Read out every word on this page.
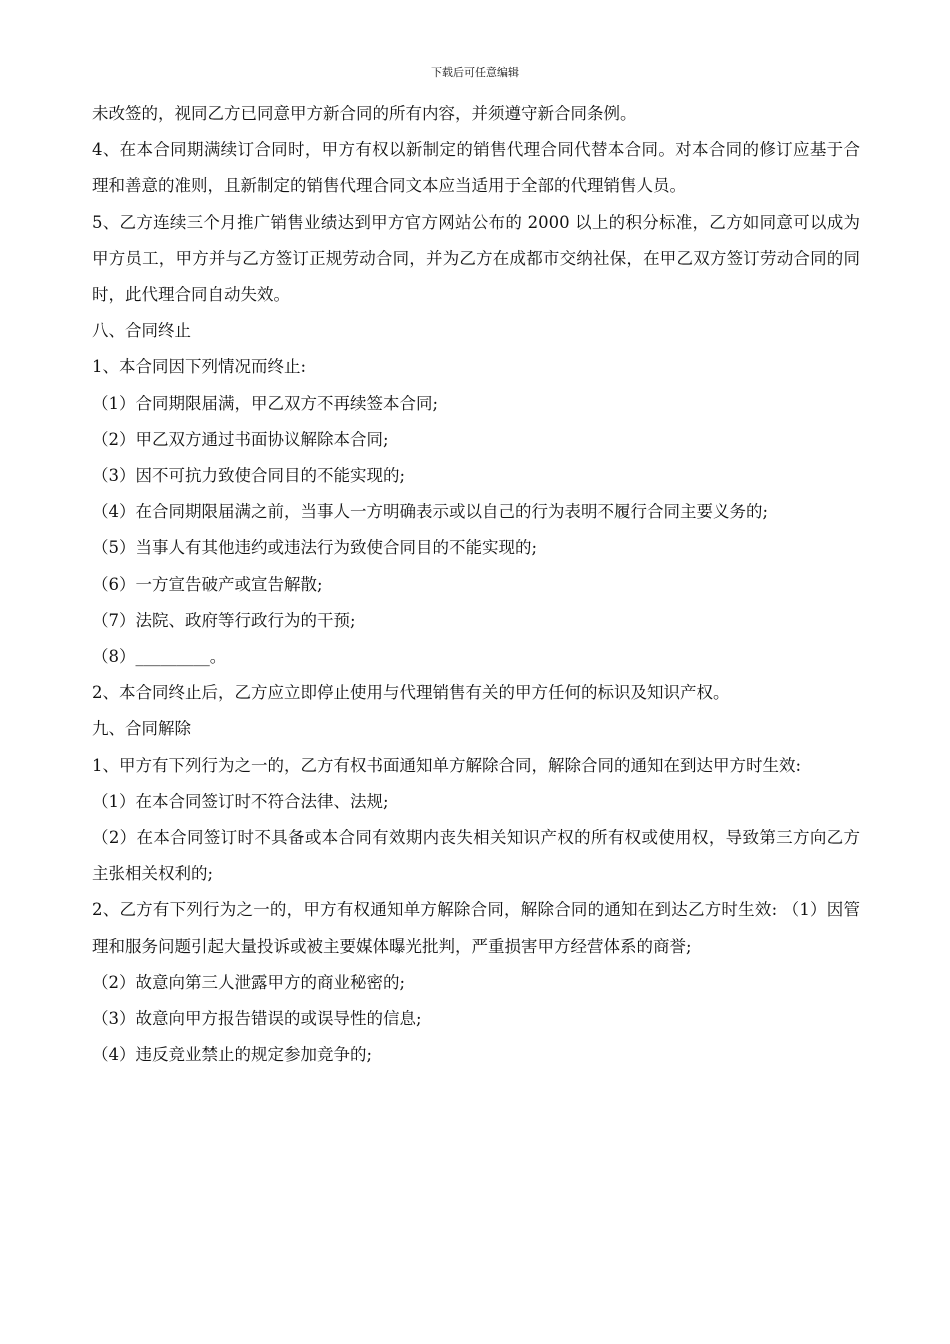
下载后可任意编辑

未改签的，视同乙方已同意甲方新合同的所有内容，并须遵守新合同条例。

4、在本合同期满续订合同时，甲方有权以新制定的销售代理合同代替本合同。对本合同的修订应基于合理和善意的准则，且新制定的销售代理合同文本应当适用于全部的代理销售人员。

5、乙方连续三个月推广销售业绩达到甲方官方网站公布的 2000 以上的积分标准，乙方如同意可以成为甲方员工，甲方并与乙方签订正规劳动合同，并为乙方在成都市交纳社保，在甲乙双方签订劳动合同的同时，此代理合同自动失效。

八、合同终止

1、本合同因下列情况而终止:

（1）合同期限届满，甲乙双方不再续签本合同;

（2）甲乙双方通过书面协议解除本合同;

（3）因不可抗力致使合同目的不能实现的;

（4）在合同期限届满之前，当事人一方明确表示或以自己的行为表明不履行合同主要义务的;

（5）当事人有其他违约或违法行为致使合同目的不能实现的;

（6）一方宣告破产或宣告解散;

（7）法院、政府等行政行为的干预;

（8）_________。

2、本合同终止后，乙方应立即停止使用与代理销售有关的甲方任何的标识及知识产权。

九、合同解除

1、甲方有下列行为之一的，乙方有权书面通知单方解除合同，解除合同的通知在到达甲方时生效:

（1）在本合同签订时不符合法律、法规;

（2）在本合同签订时不具备或本合同有效期内丧失相关知识产权的所有权或使用权，导致第三方向乙方主张相关权利的;

2、乙方有下列行为之一的，甲方有权通知单方解除合同，解除合同的通知在到达乙方时生效: （1）因管理和服务问题引起大量投诉或被主要媒体曝光批判，严重损害甲方经营体系的商誉;

（2）故意向第三人泄露甲方的商业秘密的;

（3）故意向甲方报告错误的或误导性的信息;

（4）违反竞业禁止的规定参加竞争的;
